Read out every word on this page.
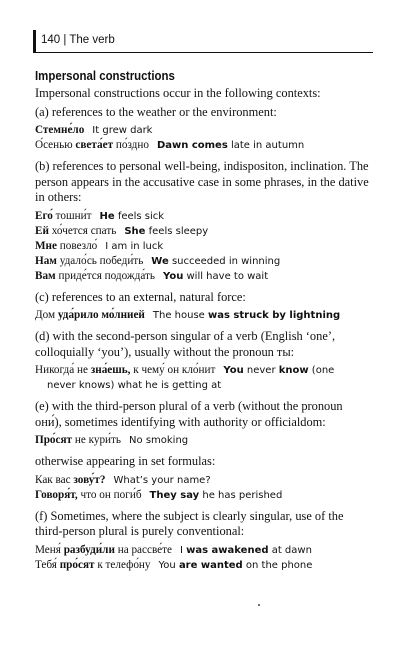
140 | The verb
Impersonal constructions

Impersonal constructions occur in the following contexts:

(a) references to the weather or the environment:

Стемне́ло It grew dark
О́сенью света́ет по́здно Dawn comes late in autumn

(b) references to personal well-being, indispositon, inclination. The person appears in the accusative case in some phrases, in the dative in others:

Его́ тошни́т He feels sick
Ей хо́чется спать She feels sleepy
Мне повезло́ I am in luck
Нам удало́сь победи́ть We succeeded in winning
Вам приде́тся подожда́ть You will have to wait

(c) references to an external, natural force:

Дом уда́рило мо́лнией The house was struck by lightning

(d) with the second-person singular of a verb (English ‘one’, colloquially ‘you’), usually without the pronoun ты:

Никогда́ не зна́ешь, к чему́ он кло́нит You never know (one
never knows) what he is getting at

(e) with the third-person plural of a verb (without the pronoun они́), sometimes identifying with authority or officialdom:

Про́сят не кури́ть No smoking

otherwise appearing in set formulas:

Как вас зову́т? What’s your name?
Говоря́т, что он поги́б They say he has perished

(f) Sometimes, where the subject is clearly singular, use of the third-person plural is purely conventional:

Меня́ разбуди́ли на рассве́те I was awakened at dawn
Тебя́ про́сят к телефо́ну You are wanted on the phone
